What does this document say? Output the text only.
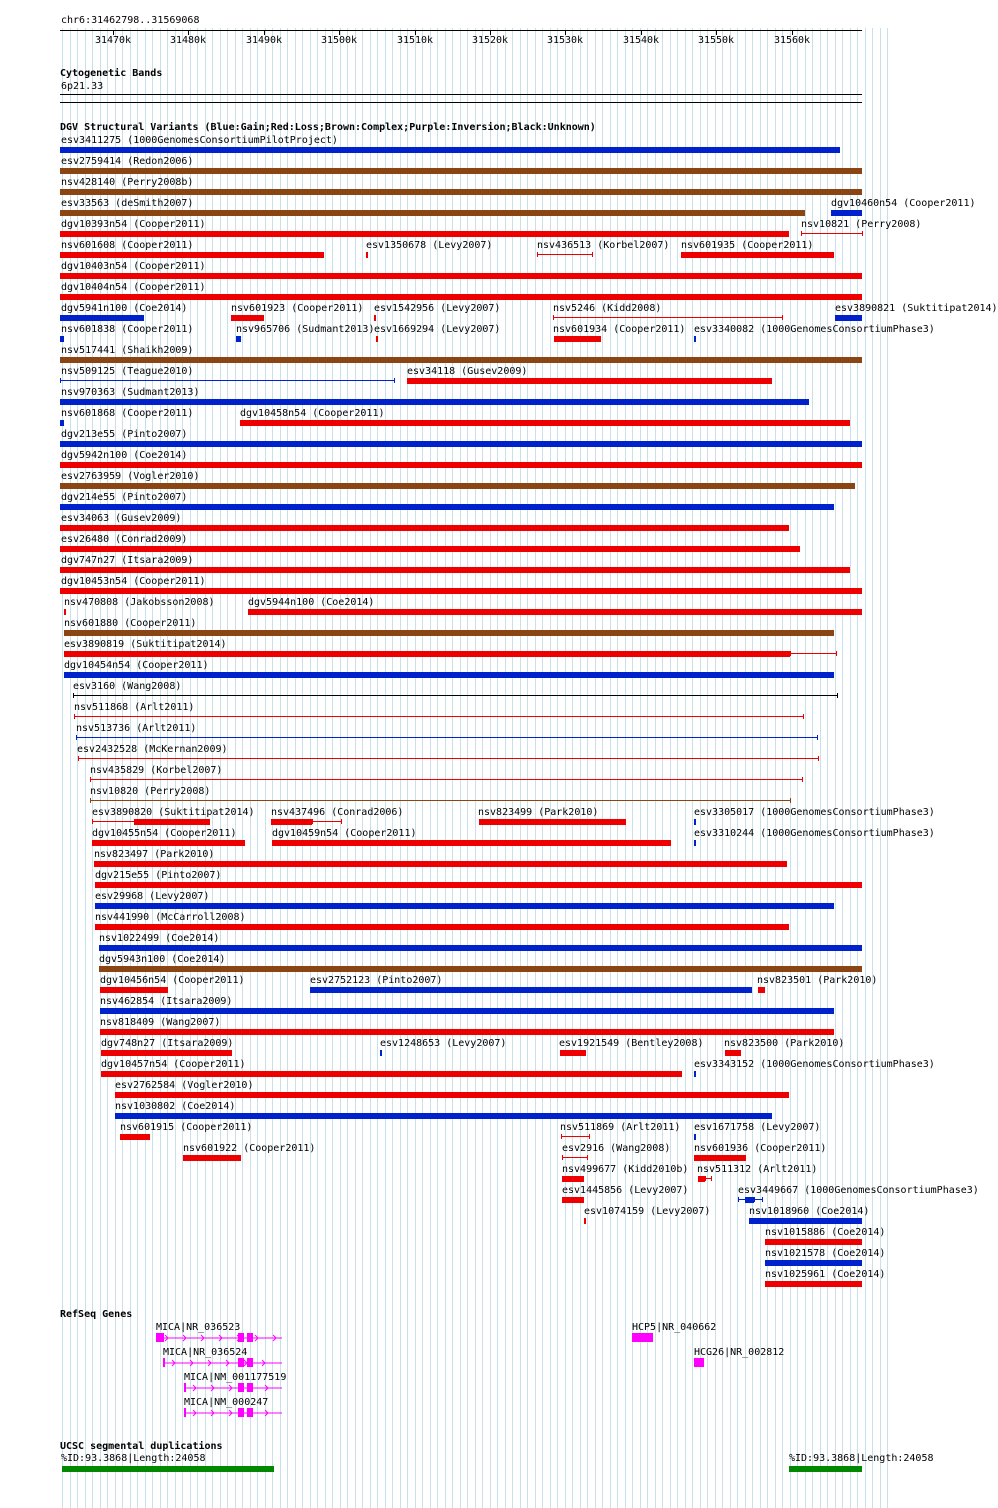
chr6:31462798..31569068
31470k	31480k	31490k	31500k	31510k	31520k	31530k	31540k	31550k	31560k
Cytogenetic Bands
6p21.33
DGV Structural Variants (Blue:Gain;Red:Loss;Brown:Complex;Purple:Inversion;Black:Unknown)
esv3411275 (1000GenomesConsortiumPilotProject)
esv2759414 (Redon2006)
nsv428140 (Perry2008b)
esv33563 (deSmith2007)	dgv10460n54 (Cooper2011)
dgv10393n54 (Cooper2011)	nsv10821 (Perry2008)
nsv601608 (Cooper2011)	esv1350678 (Levy2007)	nsv436513 (Korbel2007) nsv601935 (Cooper2011)
dgv10403n54 (Cooper2011)
dgv10404n54 (Cooper2011)
dgv5941n100 (Coe2014)	nsv601923 (Cooper2011) esv1542956 (Levy2007)	nsv5246 (Kidd2008)	esv3890821 (Suktitipat2014)
nsv601838 (Cooper2011)	nsv965706 (Sudmant2013) esv1669294 (Levy2007)	nsv601934 (Cooper2011) esv3340082 (1000GenomesConsortiumPhase3)
nsv517441 (Shaikh2009)
nsv509125 (Teague2010)	esv34118 (Gusev2009)
nsv970363 (Sudmant2013)
nsv601868 (Cooper2011)	dgv10458n54 (Cooper2011)
dgv213e55 (Pinto2007)
dgv5942n100 (Coe2014)
esv2763959 (Vogler2010)
dgv214e55 (Pinto2007)
esv34063 (Gusev2009)
esv26480 (Conrad2009)
dgv747n27 (Itsara2009)
dgv10453n54 (Cooper2011)
nsv470808 (Jakobsson2008)	dgv5944n100 (Coe2014)
nsv601880 (Cooper2011)
esv3890819 (Suktitipat2014)
dgv10454n54 (Cooper2011)
esv3160 (Wang2008)
nsv511868 (Arlt2011)
nsv513736 (Arlt2011)
esv2432528 (McKernan2009)
nsv435829 (Korbel2007)
nsv10820 (Perry2008)
esv3890820 (Suktitipat2014) nsv437496 (Conrad2006)	nsv823499 (Park2010)	esv3305017 (1000GenomesConsortiumPhase3)
dgv10455n54 (Cooper2011)	dgv10459n54 (Cooper2011)	esv3310244 (1000GenomesConsortiumPhase3)
nsv823497 (Park2010)
dgv215e55 (Pinto2007)
esv29968 (Levy2007)
nsv441990 (McCarroll2008)
nsv1022499 (Coe2014)
dgv5943n100 (Coe2014)
dgv10456n54 (Cooper2011)	esv2752123 (Pinto2007)	nsv823501 (Park2010)
nsv462854 (Itsara2009)
nsv818409 (Wang2007)
dgv748n27 (Itsara2009)	esv1248653 (Levy2007)	esv1921549 (Bentley2008) nsv823500 (Park2010)
dgv10457n54 (Cooper2011)	esv3343152 (1000GenomesConsortiumPhase3)
esv2762584 (Vogler2010)
nsv1030802 (Coe2014)
nsv601915 (Cooper2011)	nsv511869 (Arlt2011) esv1671758 (Levy2007)
nsv601922 (Cooper2011)	esv2916 (Wang2008) nsv601936 (Cooper2011)
nsv499677 (Kidd2010b) nsv511312 (Arlt2011)
esv1445856 (Levy2007)	esv3449667 (1000GenomesConsortiumPhase3)
esv1074159 (Levy2007)	nsv1018960 (Coe2014)
nsv1015886 (Coe2014)
nsv1021578 (Coe2014)
nsv1025961 (Coe2014)
RefSeq Genes
MICA|NR_036523	HCP5|NR_040662
MICA|NR_036524	HCG26|NR_002812
MICA|NM_001177519
MICA|NM_000247
UCSC segmental duplications
%ID:93.3868|Length:24058	%ID:93.3868|Length:24058
